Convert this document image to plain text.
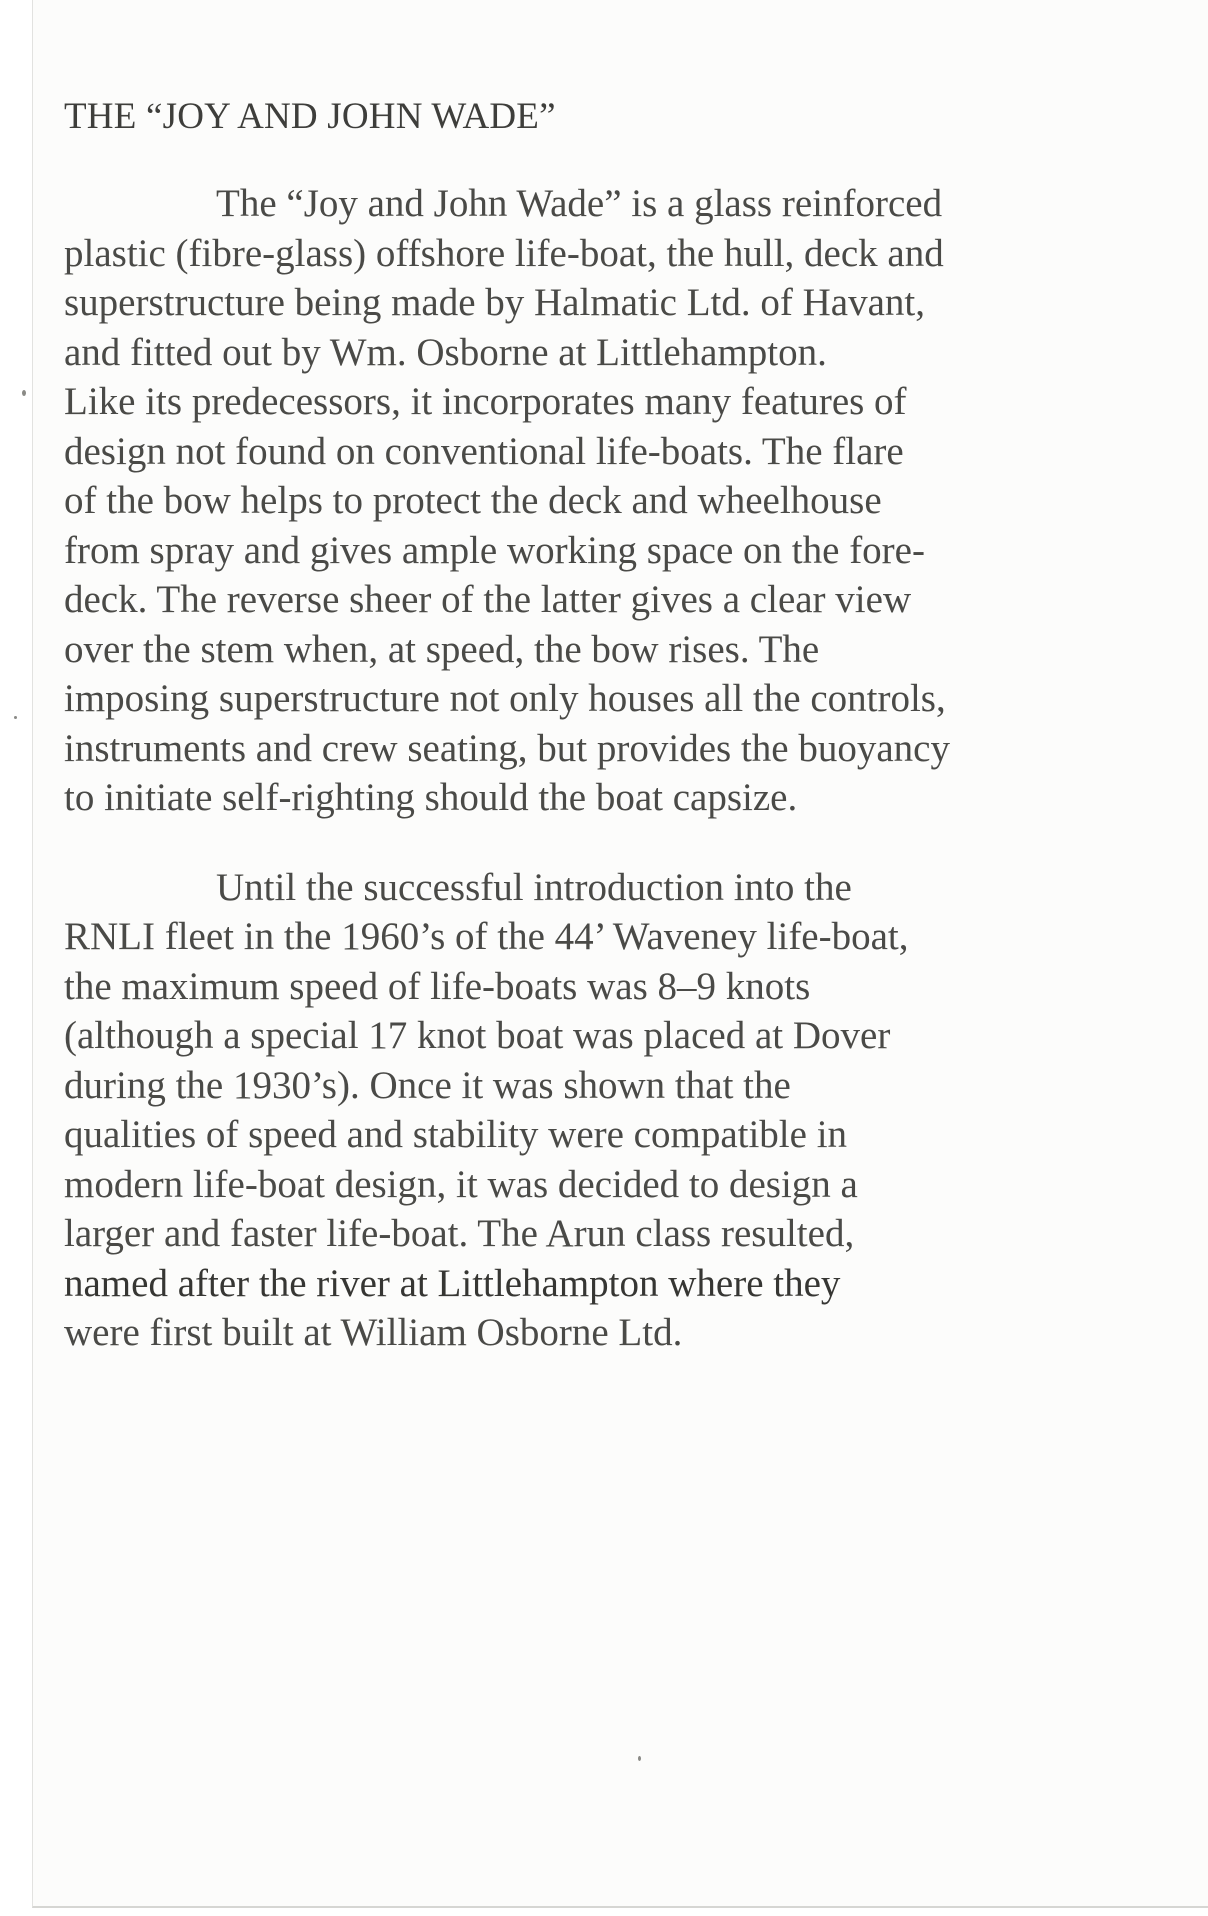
THE “JOY AND JOHN WADE”
The “Joy and John Wade” is a glass reinforced
plastic (fibre-glass) offshore life-boat, the hull, deck and
superstructure being made by Halmatic Ltd. of Havant,
and fitted out by Wm. Osborne at Littlehampton.
Like its predecessors, it incorporates many features of
design not found on conventional life-boats. The flare
of the bow helps to protect the deck and wheelhouse
from spray and gives ample working space on the fore-
deck. The reverse sheer of the latter gives a clear view
over the stem when, at speed, the bow rises. The
imposing superstructure not only houses all the controls,
instruments and crew seating, but provides the buoyancy
to initiate self-righting should the boat capsize.
Until the successful introduction into the
RNLI fleet in the 1960’s of the 44’ Waveney life-boat,
the maximum speed of life-boats was 8–9 knots
(although a special 17 knot boat was placed at Dover
during the 1930’s). Once it was shown that the
qualities of speed and stability were compatible in
modern life-boat design, it was decided to design a
larger and faster life-boat. The Arun class resulted,
named after the river at Littlehampton where they
were first built at William Osborne Ltd.
